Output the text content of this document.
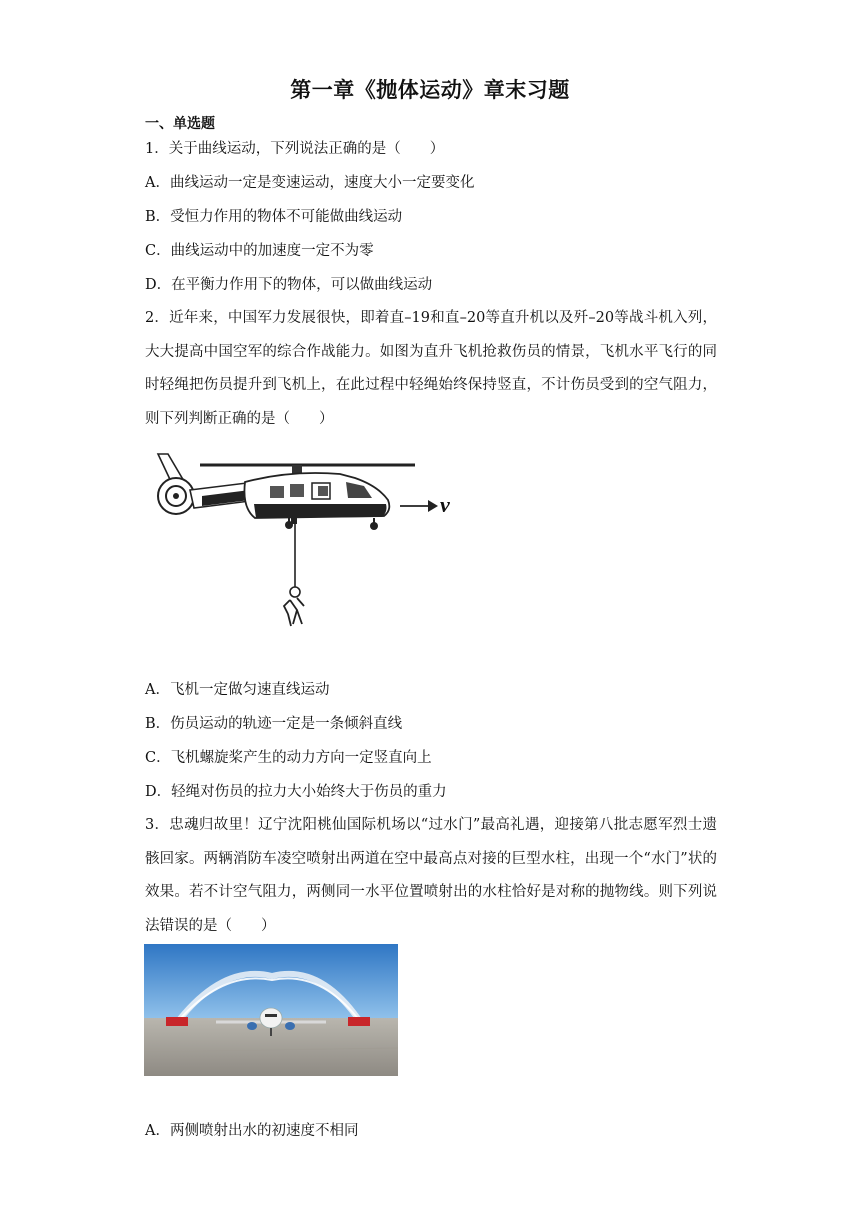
第一章《抛体运动》章末习题
一、单选题
1．关于曲线运动，下列说法正确的是（　　）
A．曲线运动一定是变速运动，速度大小一定要变化
B．受恒力作用的物体不可能做曲线运动
C．曲线运动中的加速度一定不为零
D．在平衡力作用下的物体，可以做曲线运动
2．近年来，中国军力发展很快，即着直–19和直–20等直升机以及歼–20等战斗机入列，大大提高中国空军的综合作战能力。如图为直升飞机抢救伤员的情景，飞机水平飞行的同时轻绳把伤员提升到飞机上，在此过程中轻绳始终保持竖直，不计伤员受到的空气阻力，则下列判断正确的是（　　）
v
A．飞机一定做匀速直线运动
B．伤员运动的轨迹一定是一条倾斜直线
C．飞机螺旋桨产生的动力方向一定竖直向上
D．轻绳对伤员的拉力大小始终大于伤员的重力
3．忠魂归故里！辽宁沈阳桃仙国际机场以“过水门”最高礼遇，迎接第八批志愿军烈士遗骸回家。两辆消防车凌空喷射出两道在空中最高点对接的巨型水柱，出现一个“水门”状的效果。若不计空气阻力，两侧同一水平位置喷射出的水柱恰好是对称的抛物线。则下列说法错误的是（　　）
A．两侧喷射出水的初速度不相同
